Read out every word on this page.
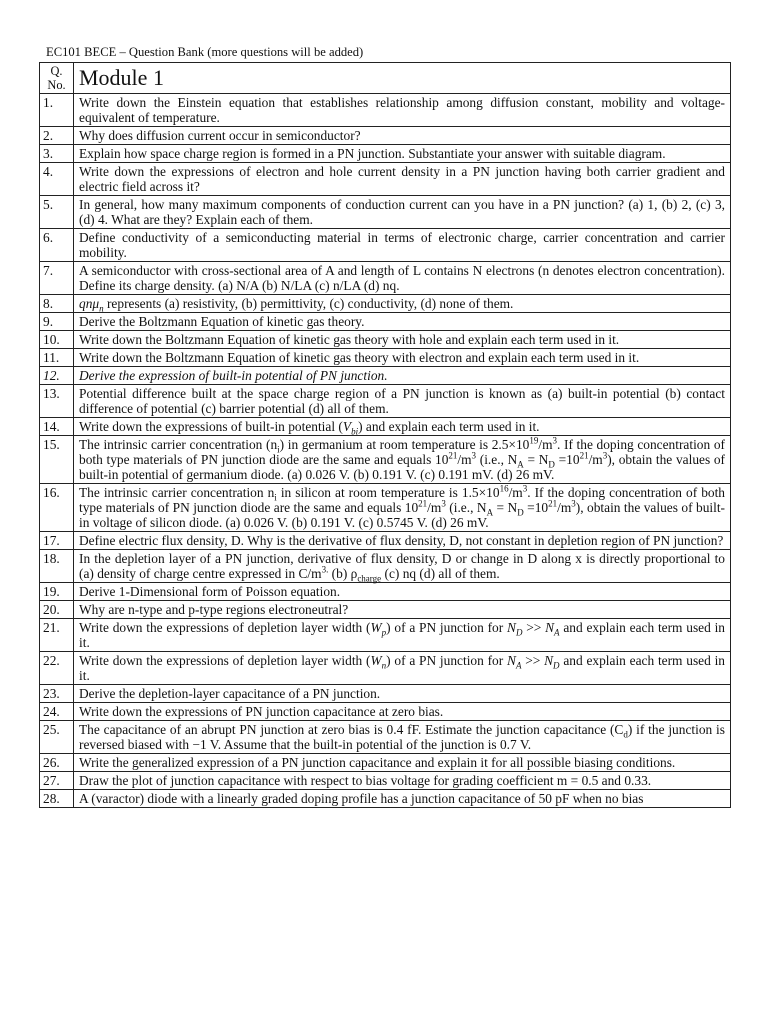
EC101 BECE – Question Bank (more questions will be added)
Q.
No.	Module 1
1.	Write down the Einstein equation that establishes relationship among diffusion constant, mobility and voltage-equivalent of temperature.
2.	Why does diffusion current occur in semiconductor?
3.	Explain how space charge region is formed in a PN junction. Substantiate your answer with suitable diagram.
4.	Write down the expressions of electron and hole current density in a PN junction having both carrier gradient and electric field across it?
5.	In general, how many maximum components of conduction current can you have in a PN junction? (a) 1, (b) 2, (c) 3, (d) 4. What are they? Explain each of them.
6.	Define conductivity of a semiconducting material in terms of electronic charge, carrier concentration and carrier mobility.
7.	A semiconductor with cross-sectional area of A and length of L contains N electrons (n denotes electron concentration). Define its charge density. (a) N/A (b) N/LA (c) n/LA (d) nq.
8.	qnμ$_n$ represents (a) resistivity, (b) permittivity, (c) conductivity, (d) none of them.
9.	Derive the Boltzmann Equation of kinetic gas theory.
10.	Write down the Boltzmann Equation of kinetic gas theory with hole and explain each term used in it.
11.	Write down the Boltzmann Equation of kinetic gas theory with electron and explain each term used in it.
12.	Derive the expression of built-in potential of PN junction.
13.	Potential difference built at the space charge region of a PN junction is known as (a) built-in potential (b) contact difference of potential (c) barrier potential (d) all of them.
14.	Write down the expressions of built-in potential $(V_{bi})$ and explain each term used in it.
15.	The intrinsic carrier concentration $(n_i)$ in germanium at room temperature is $2.5\times 10^{19}/m^3$. If the doping concentration of both type materials of PN junction diode are the same and equals $10^{21}/m^3$ (i.e., $N_A = N_D =10^{21}/m^3$), obtain the values of built-in potential of germanium diode. (a) 0.026 V. (b) 0.191 V. (c) 0.191 mV. (d) 26 mV.
16.	The intrinsic carrier concentration $n_i$ in silicon at room temperature is $1.5\times 10^{16}/m^3$. If the doping concentration of both type materials of PN junction diode are the same and equals $10^{21}/m^3$ (i.e., $N_A = N_D =10^{21}/m^3$), obtain the values of built-in voltage of silicon diode. (a) 0.026 V. (b) 0.191 V. (c) 0.5745 V. (d) 26 mV.
17.	Define electric flux density, D. Why is the derivative of flux density, D, not constant in depletion region of PN junction?
18.	In the depletion layer of a PN junction, derivative of flux density, D or change in D along x is directly proportional to (a) density of charge centre expressed in $C/m^{3.}$ (b) $\rho_{charge}$ (c) nq (d) all of them.
19.	Derive 1-Dimensional form of Poisson equation.
20.	Why are n-type and p-type regions electroneutral?
21.	Write down the expressions of depletion layer width $(W_p)$ of a PN junction for $N_D >> N_A$ and explain each term used in it.
22.	Write down the expressions of depletion layer width $(W_n)$ of a PN junction for $N_A >> N_D$ and explain each term used in it.
23.	Derive the depletion-layer capacitance of a PN junction.
24.	Write down the expressions of PN junction capacitance at zero bias.
25.	The capacitance of an abrupt PN junction at zero bias is 0.4 fF. Estimate the junction capacitance $(C_d)$ if the junction is reversed biased with −1 V. Assume that the built-in potential of the junction is 0.7 V.
26.	Write the generalized expression of a PN junction capacitance and explain it for all possible biasing conditions.
27.	Draw the plot of junction capacitance with respect to bias voltage for grading coefficient m = 0.5 and 0.33.
28.	A (varactor) diode with a linearly graded doping profile has a junction capacitance of 50 pF when no bias
